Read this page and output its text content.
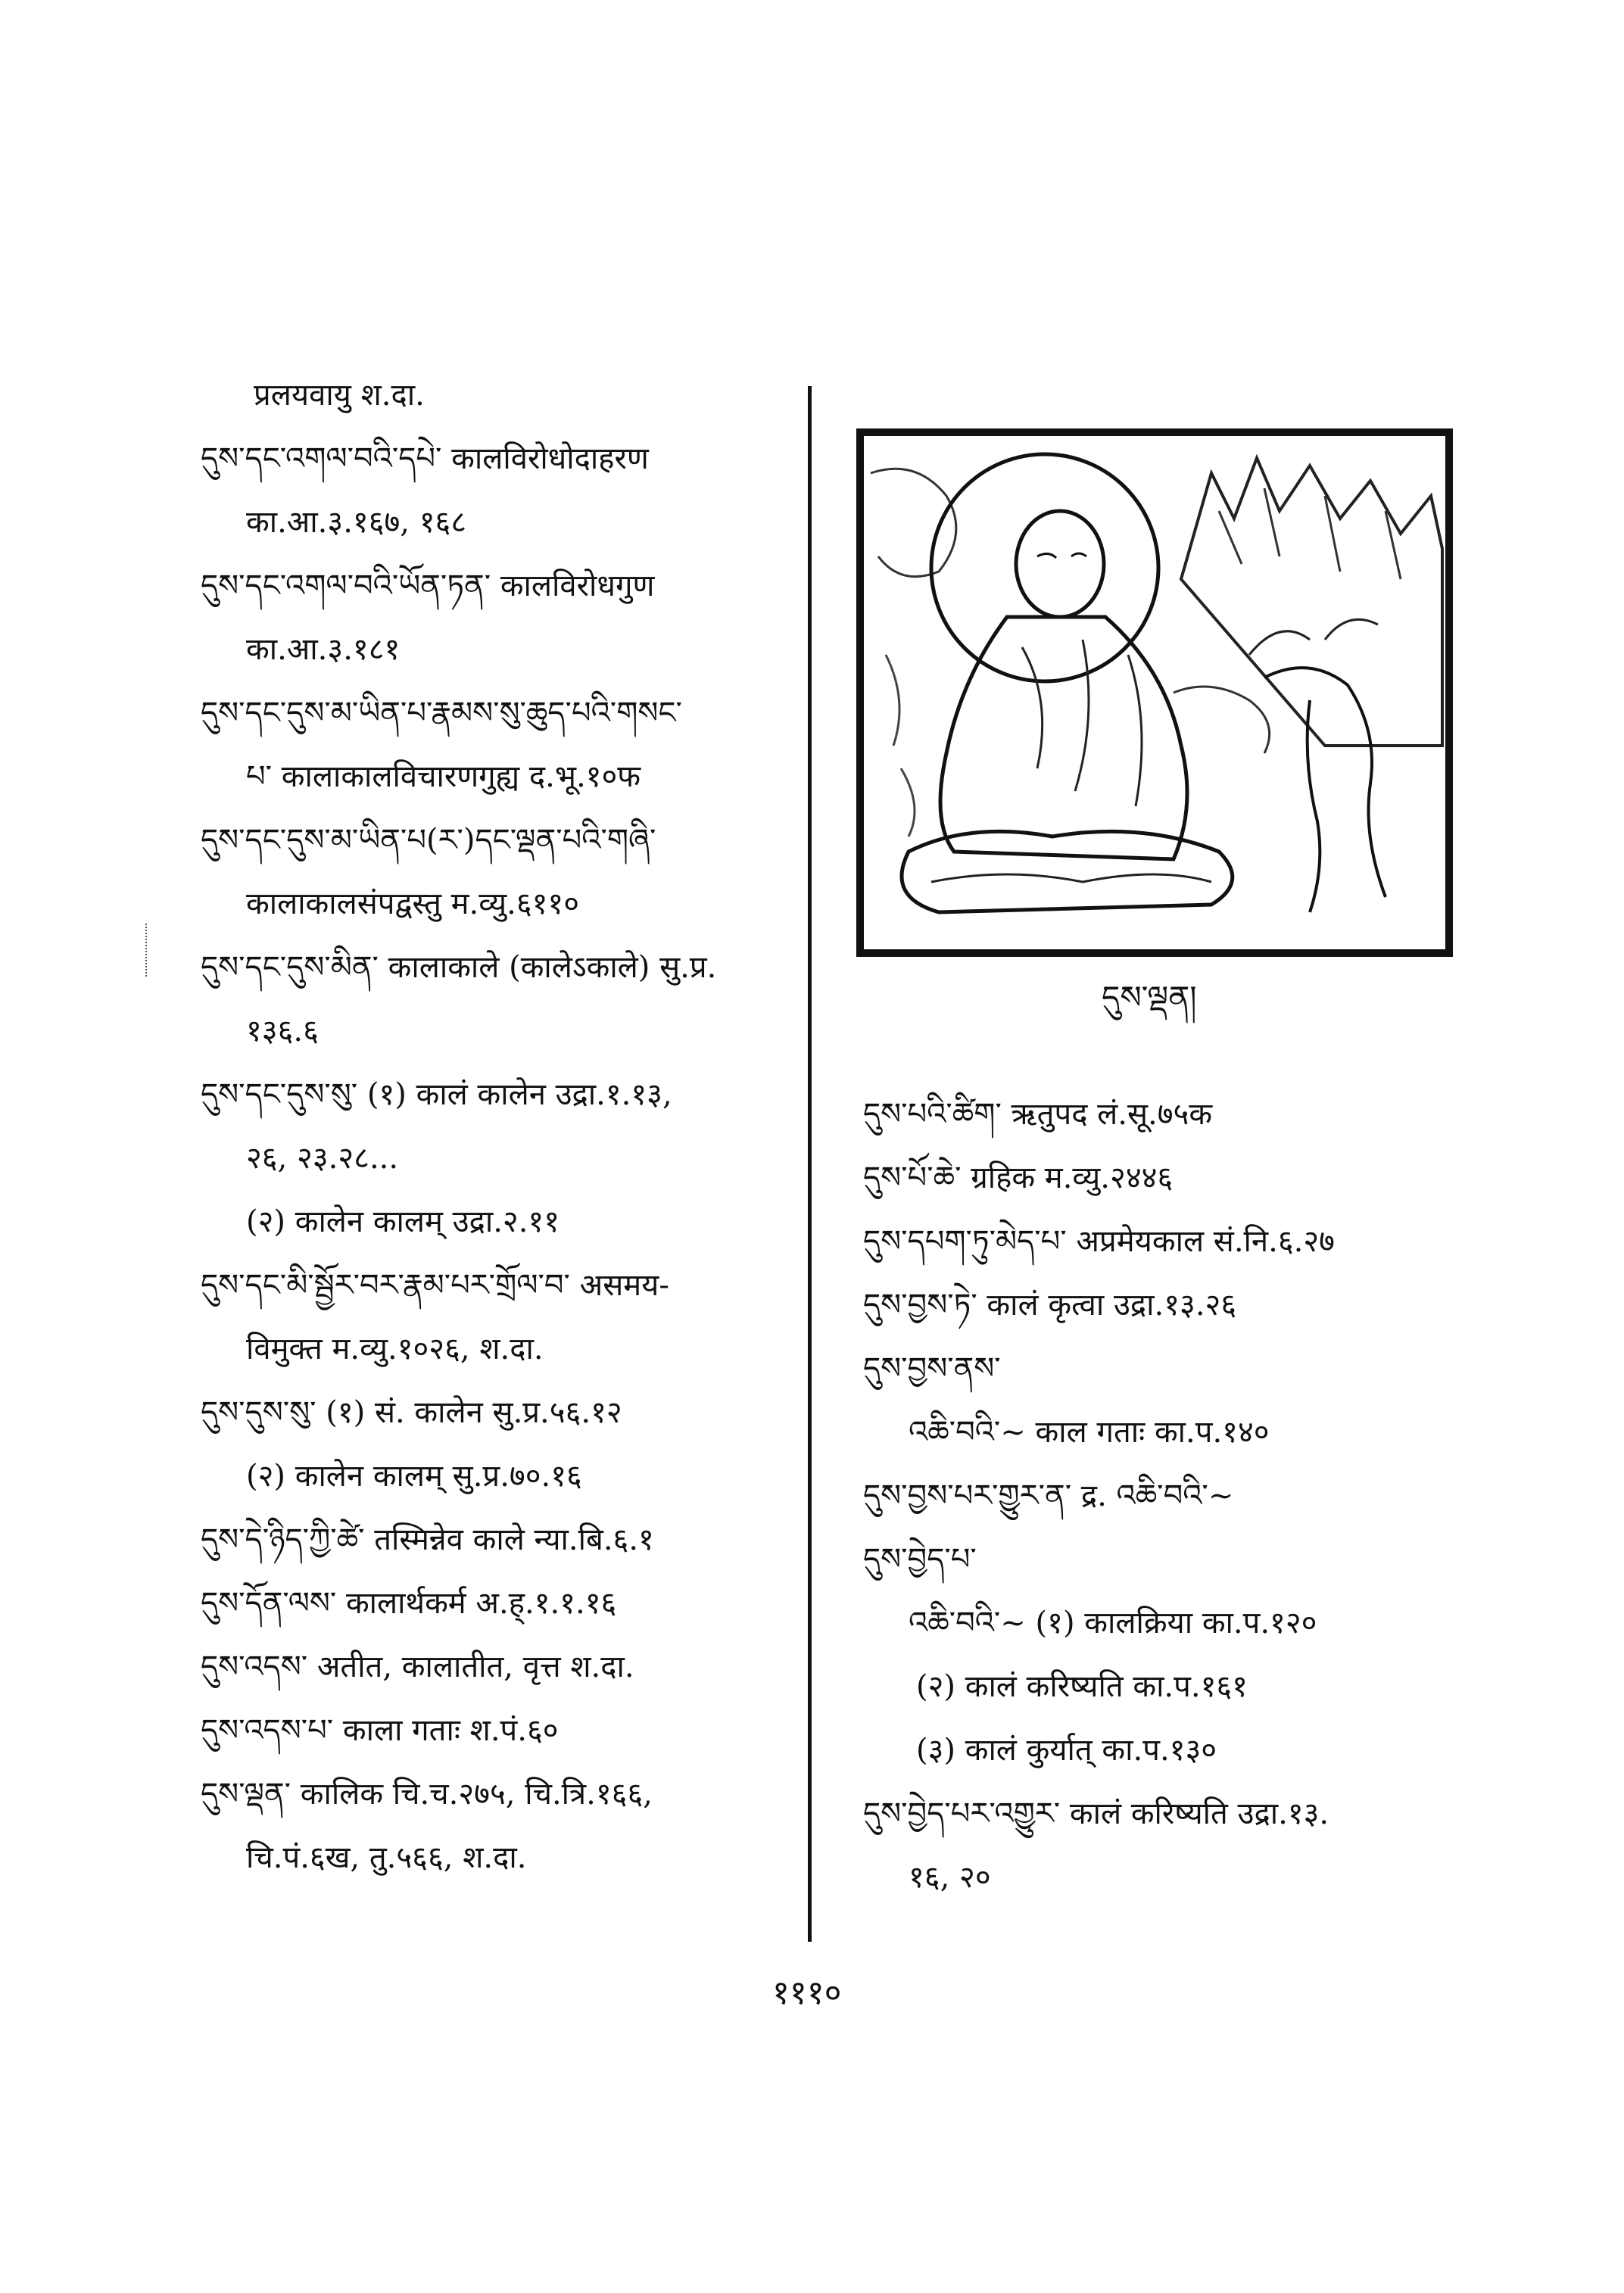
प्रलयवायु श.दा.
དུས་དང་འགལ་བའི་དཔེ་ कालविरोधोदाहरण
का.आ.३.१६७, १६८
དུས་དང་འགལ་བའི་ཡོན་ཏན་ कालविरोधगुण
का.आ.३.१८१
དུས་དང་དུས་མ་ཡིན་པ་རྣམས་སུ་ཆུད་པའི་གསང་
པ་ कालाकालविचारणगुह्य द.भू.१०फ
དུས་དང་དུས་མ་ཡིན་པ(ར་)དང་ལྡན་པའི་གཞི་
कालाकालसंपद्वस्तु म.व्यु.६११०
དུས་དང་དུས་མིན་ कालाकाले (कालेऽकाले) सु.प्र.
१३६.६
དུས་དང་དུས་སུ་ (१) कालं कालेन उद्रा.१.१३,
२६, २३.२८...
(२) कालेन कालम् उद्रा.२.११
དུས་དང་མི་སྦྱོར་བར་རྣམ་པར་གྲོལ་བ་ असमय-
विमुक्त म.व्यु.१०२६, श.दा.
དུས་དུས་སུ་ (१) सं. कालेन सु.प्र.५६.१२
(२) कालेन कालम् सु.प्र.७०.१६
དུས་དེ་ཉིད་ཀྱི་ཚེ་ तस्मिन्नेव काले न्या.बि.६.१
དུས་དོན་ལས་ कालार्थकर्म अ.ह्.१.१.१६
དུས་འདས་ अतीत, कालातीत, वृत्त श.दा.
དུས་འདས་པ་ काला गताः श.पं.६०
དུས་ལྡན་ कालिक चि.च.२७५, चि.त्रि.१६६,
चि.पं.६ख, तु.५६६, श.दा.
དུས་ལྡན།
དུས་པའི་ཚིག་ ऋतुपद लं.सू.७५क
དུས་པོ་ཆེ་ ग्रहिक म.व्यु.२४४६
དུས་དཔག་ཏུ་མེད་པ་ अप्रमेयकाल सं.नि.६.२७
དུས་བྱས་ཏེ་ कालं कृत्वा उद्रा.१३.२६
དུས་བྱས་ནས་
འཆི་བའི་~ काल गताः का.प.१४०
དུས་བྱས་པར་གྱུར་ན་ द्र. འཆི་བའི་~
དུས་བྱེད་པ་
འཆི་བའི་~ (१) कालक्रिया का.प.१२०
(२) कालं करिष्यति का.प.१६१
(३) कालं कुर्यात् का.प.१३०
དུས་བྱེད་པར་འགྱུར་ कालं करिष्यति उद्रा.१३.
१६, २०
१११०
